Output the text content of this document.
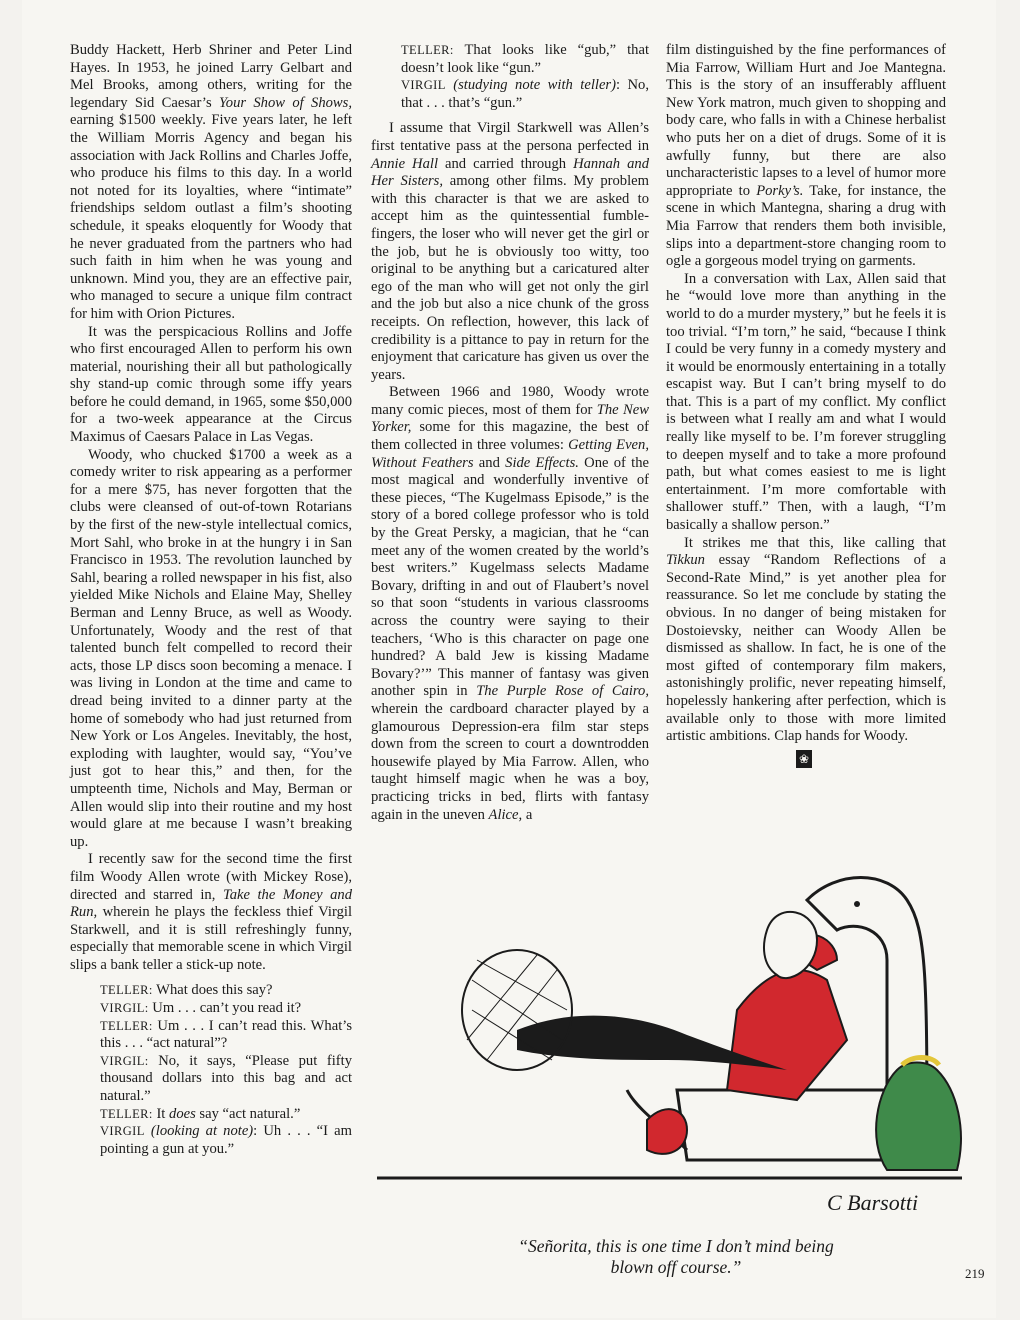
Buddy Hackett, Herb Shriner and Peter Lind Hayes. In 1953, he joined Larry Gelbart and Mel Brooks, among others, writing for the legendary Sid Caesar’s Your Show of Shows, earning $1500 weekly. Five years later, he left the William Morris Agency and began his association with Jack Rollins and Charles Joffe, who produce his films to this day. In a world not noted for its loyalties, where “intimate” friendships seldom outlast a film’s shooting schedule, it speaks eloquently for Woody that he never graduated from the partners who had such faith in him when he was young and unknown. Mind you, they are an effective pair, who managed to secure a unique film contract for him with Orion Pictures.

It was the perspicacious Rollins and Joffe who first encouraged Allen to perform his own material, nourishing their all but pathologically shy stand-up comic through some iffy years before he could demand, in 1965, some $50,000 for a two-week appearance at the Circus Maximus of Caesars Palace in Las Vegas.

Woody, who chucked $1700 a week as a comedy writer to risk appearing as a performer for a mere $75, has never forgotten that the clubs were cleansed of out-of-town Rotarians by the first of the new-style intellectual comics, Mort Sahl, who broke in at the hungry i in San Francisco in 1953. The revolution launched by Sahl, bearing a rolled newspaper in his fist, also yielded Mike Nichols and Elaine May, Shelley Berman and Lenny Bruce, as well as Woody. Unfortunately, Woody and the rest of that talented bunch felt compelled to record their acts, those LP discs soon becoming a menace. I was living in London at the time and came to dread being invited to a dinner party at the home of somebody who had just returned from New York or Los Angeles. Inevitably, the host, exploding with laughter, would say, “You’ve just got to hear this,” and then, for the umpteenth time, Nichols and May, Berman or Allen would slip into their routine and my host would glare at me because I wasn’t breaking up.

I recently saw for the second time the first film Woody Allen wrote (with Mickey Rose), directed and starred in, Take the Money and Run, wherein he plays the feckless thief Virgil Starkwell, and it is still refreshingly funny, especially that memorable scene in which Virgil slips a bank teller a stick-up note.

TELLER: What does this say?

VIRGIL: Um . . . can’t you read it?

TELLER: Um . . . I can’t read this. What’s this . . . “act natural”?

VIRGIL: No, it says, “Please put fifty thousand dollars into this bag and act natural.”

TELLER: It does say “act natural.”

VIRGIL (looking at note): Uh . . . “I am pointing a gun at you.”

TELLER: That looks like “gub,” that doesn’t look like “gun.”

VIRGIL (studying note with teller): No, that . . . that’s “gun.”

I assume that Virgil Starkwell was Allen’s first tentative pass at the persona perfected in Annie Hall and carried through Hannah and Her Sisters, among other films. My problem with this character is that we are asked to accept him as the quintessential fumble-fingers, the loser who will never get the girl or the job, but he is obviously too witty, too original to be anything but a caricatured alter ego of the man who will get not only the girl and the job but also a nice chunk of the gross receipts. On reflection, however, this lack of credibility is a pittance to pay in return for the enjoyment that caricature has given us over the years.

Between 1966 and 1980, Woody wrote many comic pieces, most of them for The New Yorker, some for this magazine, the best of them collected in three volumes: Getting Even, Without Feathers and Side Effects. One of the most magical and wonderfully inventive of these pieces, “The Kugelmass Episode,” is the story of a bored college professor who is told by the Great Persky, a magician, that he “can meet any of the women created by the world’s best writers.” Kugelmass selects Madame Bovary, drifting in and out of Flaubert’s novel so that soon “students in various classrooms across the country were saying to their teachers, ‘Who is this character on page one hundred? A bald Jew is kissing Madame Bovary?’” This manner of fantasy was given another spin in The Purple Rose of Cairo, wherein the cardboard character played by a glamourous Depression-era film star steps down from the screen to court a downtrodden housewife played by Mia Farrow. Allen, who taught himself magic when he was a boy, practicing tricks in bed, flirts with fantasy again in the uneven Alice, a

film distinguished by the fine performances of Mia Farrow, William Hurt and Joe Mantegna. This is the story of an insufferably affluent New York matron, much given to shopping and body care, who falls in with a Chinese herbalist who puts her on a diet of drugs. Some of it is awfully funny, but there are also uncharacteristic lapses to a level of humor more appropriate to Porky’s. Take, for instance, the scene in which Mantegna, sharing a drug with Mia Farrow that renders them both invisible, slips into a department-store changing room to ogle a gorgeous model trying on garments.

In a conversation with Lax, Allen said that he “would love more than anything in the world to do a murder mystery,” but he feels it is too trivial. “I’m torn,” he said, “because I think I could be very funny in a comedy mystery and it would be enormously entertaining in a totally escapist way. But I can’t bring myself to do that. This is a part of my conflict. My conflict is between what I really am and what I would really like myself to be. I’m forever struggling to deepen myself and to take a more profound path, but what comes easiest to me is light entertainment. I’m more comfortable with shallower stuff.” Then, with a laugh, “I’m basically a shallow person.”

It strikes me that this, like calling that Tikkun essay “Random Reflections of a Second-Rate Mind,” is yet another plea for reassurance. So let me conclude by stating the obvious. In no danger of being mistaken for Dostoievsky, neither can Woody Allen be dismissed as shallow. In fact, he is one of the most gifted of contemporary film makers, astonishingly prolific, never repeating himself, hopelessly hankering after perfection, which is available only to those with more limited artistic ambitions. Clap hands for Woody.

❀
C Barsotti
“Señorita, this is one time I don’t mind being
blown off course.”	219
